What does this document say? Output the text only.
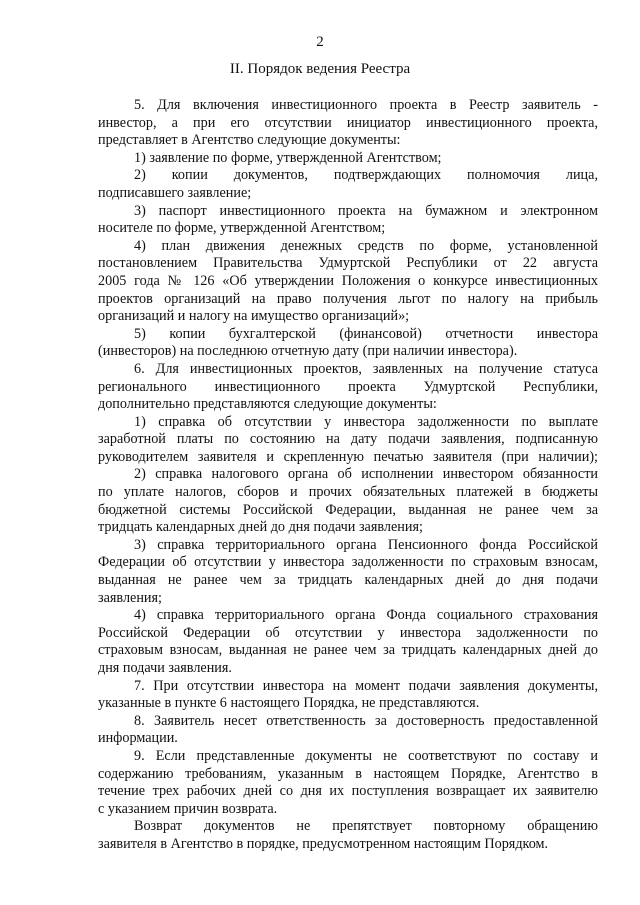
2
II. Порядок ведения Реестра
5. Для включения инвестиционного проекта в Реестр заявитель -
инвестор, а при его отсутствии инициатор инвестиционного проекта,
представляет в Агентство следующие документы:
1) заявление по форме, утвержденной Агентством;
2) копии документов, подтверждающих полномочия лица,
подписавшего заявление;
3) паспорт инвестиционного проекта на бумажном и электронном
носителе по форме, утвержденной Агентством;
4) план движения денежных средств по форме, установленной
постановлением Правительства Удмуртской Республики от 22 августа
2005 года № 126 «Об утверждении Положения о конкурсе инвестиционных
проектов организаций на право получения льгот по налогу на прибыль
организаций и налогу на имущество организаций»;
5) копии бухгалтерской (финансовой) отчетности инвестора
(инвесторов) на последнюю отчетную дату (при наличии инвестора).
6. Для инвестиционных проектов, заявленных на получение статуса
регионального инвестиционного проекта Удмуртской Республики,
дополнительно представляются следующие документы:
1) справка об отсутствии у инвестора задолженности по выплате
заработной платы по состоянию на дату подачи заявления, подписанную
руководителем заявителя и скрепленную печатью заявителя (при наличии);
2) справка налогового органа об исполнении инвестором обязанности
по уплате налогов, сборов и прочих обязательных платежей в бюджеты
бюджетной системы Российской Федерации, выданная не ранее чем за
тридцать календарных дней до дня подачи заявления;
3) справка территориального органа Пенсионного фонда Российской
Федерации об отсутствии у инвестора задолженности по страховым взносам,
выданная не ранее чем за тридцать календарных дней до дня подачи
заявления;
4) справка территориального органа Фонда социального страхования
Российской Федерации об отсутствии у инвестора задолженности по
страховым взносам, выданная не ранее чем за тридцать календарных дней до
дня подачи заявления.
7. При отсутствии инвестора на момент подачи заявления документы,
указанные в пункте 6 настоящего Порядка, не представляются.
8. Заявитель несет ответственность за достоверность предоставленной
информации.
9. Если представленные документы не соответствуют по составу и
содержанию требованиям, указанным в настоящем Порядке, Агентство в
течение трех рабочих дней со дня их поступления возвращает их заявителю
с указанием причин возврата.
Возврат документов не препятствует повторному обращению
заявителя в Агентство в порядке, предусмотренном настоящим Порядком.
